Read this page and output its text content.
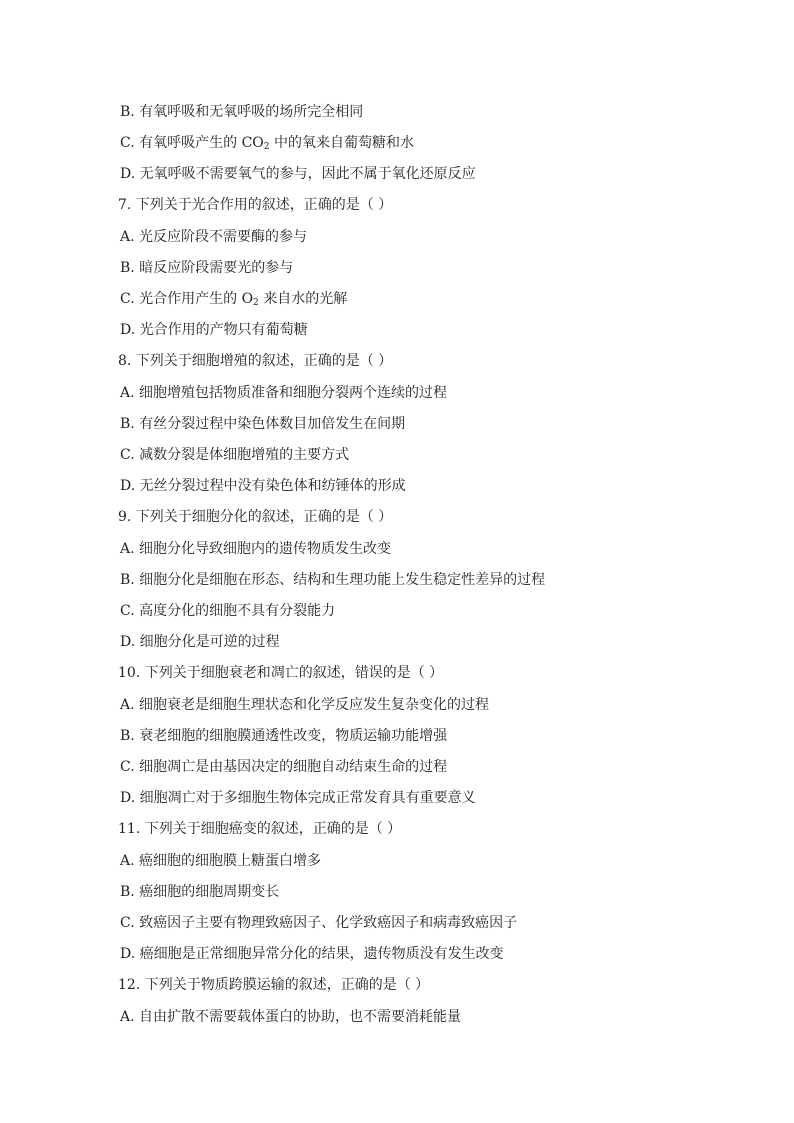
B. 有氧呼吸和无氧呼吸的场所完全相同
C. 有氧呼吸产生的 $CO_2$ 中的氧来自葡萄糖和水
D. 无氧呼吸不需要氧气的参与，因此不属于氧化还原反应
7. 下列关于光合作用的叙述，正确的是（ ）
A. 光反应阶段不需要酶的参与
B. 暗反应阶段需要光的参与
C. 光合作用产生的 $O_2$ 来自水的光解
D. 光合作用的产物只有葡萄糖
8. 下列关于细胞增殖的叙述，正确的是（ ）
A. 细胞增殖包括物质准备和细胞分裂两个连续的过程
B. 有丝分裂过程中染色体数目加倍发生在间期
C. 减数分裂是体细胞增殖的主要方式
D. 无丝分裂过程中没有染色体和纺锤体的形成
9. 下列关于细胞分化的叙述，正确的是（ ）
A. 细胞分化导致细胞内的遗传物质发生改变
B. 细胞分化是细胞在形态、结构和生理功能上发生稳定性差异的过程
C. 高度分化的细胞不具有分裂能力
D. 细胞分化是可逆的过程
10. 下列关于细胞衰老和凋亡的叙述，错误的是（ ）
A. 细胞衰老是细胞生理状态和化学反应发生复杂变化的过程
B. 衰老细胞的细胞膜通透性改变，物质运输功能增强
C. 细胞凋亡是由基因决定的细胞自动结束生命的过程
D. 细胞凋亡对于多细胞生物体完成正常发育具有重要意义
11. 下列关于细胞癌变的叙述，正确的是（ ）
A. 癌细胞的细胞膜上糖蛋白增多
B. 癌细胞的细胞周期变长
C. 致癌因子主要有物理致癌因子、化学致癌因子和病毒致癌因子
D. 癌细胞是正常细胞异常分化的结果，遗传物质没有发生改变
12. 下列关于物质跨膜运输的叙述，正确的是（ ）
A. 自由扩散不需要载体蛋白的协助，也不需要消耗能量
